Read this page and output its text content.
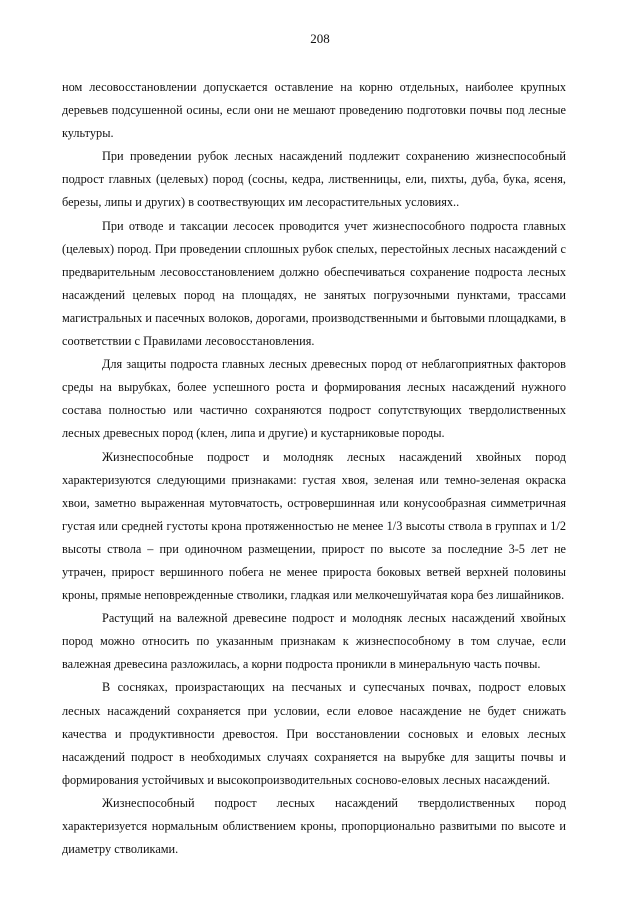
208

ном лесовосстановлении допускается оставление на корню отдельных, наиболее крупных деревьев подсушенной осины, если они не мешают проведению подготовки почвы под лесные культуры.

При проведении рубок лесных насаждений подлежит сохранению жизнеспособный подрост главных (целевых) пород (сосны, кедра, лиственницы, ели, пихты, дуба, бука, ясеня, березы, липы и других) в соотвествующих им лесорастительных условиях..

При отводе и таксации лесосек проводится учет жизнеспособного подроста главных (целевых) пород. При проведении сплошных рубок спелых, перестойных лесных насаждений с предварительным лесовосстановлением должно обеспечиваться сохранение подроста лесных насаждений целевых пород на площадях, не занятых погрузочными пунктами, трассами магистральных и пасечных волоков, дорогами, производственными и бытовыми площадками, в соответствии с Правилами лесовосстановления.

Для защиты подроста главных лесных древесных пород от неблагоприятных факторов среды на вырубках, более успешного роста и формирования лесных насаждений нужного состава полностью или частично сохраняются подрост сопутствующих твердолиственных лесных древесных пород (клен, липа и другие) и кустарниковые породы.

Жизнеспособные подрост и молодняк лесных насаждений хвойных пород характеризуются следующими признаками: густая хвоя, зеленая или темно-зеленая окраска хвои, заметно выраженная мутовчатость, островершинная или конусообразная симметричная густая или средней густоты крона протяженностью не менее 1/3 высоты ствола в группах и 1/2 высоты ствола – при одиночном размещении, прирост по высоте за последние 3-5 лет не утрачен, прирост вершинного побега не менее прироста боковых ветвей верхней половины кроны, прямые неповрежденные стволики, гладкая или мелкочешуйчатая кора без лишайников.

Растущий на валежной древесине подрост и молодняк лесных насаждений хвойных пород можно относить по указанным признакам к жизнеспособному в том случае, если валежная древесина разложилась, а корни подроста проникли в минеральную часть почвы.

В сосняках, произрастающих на песчаных и супесчаных почвах, подрост еловых лесных насаждений сохраняется при условии, если еловое насаждение не будет снижать качества и продуктивности древостоя. При восстановлении сосновых и еловых лесных насаждений подрост в необходимых случаях сохраняется на вырубке для защиты почвы и формирования устойчивых и высокопроизводительных сосново-еловых лесных насаждений.

Жизнеспособный подрост лесных насаждений твердолиственных пород характеризуется нормальным облиствением кроны, пропорционально развитыми по высоте и диаметру стволиками.
